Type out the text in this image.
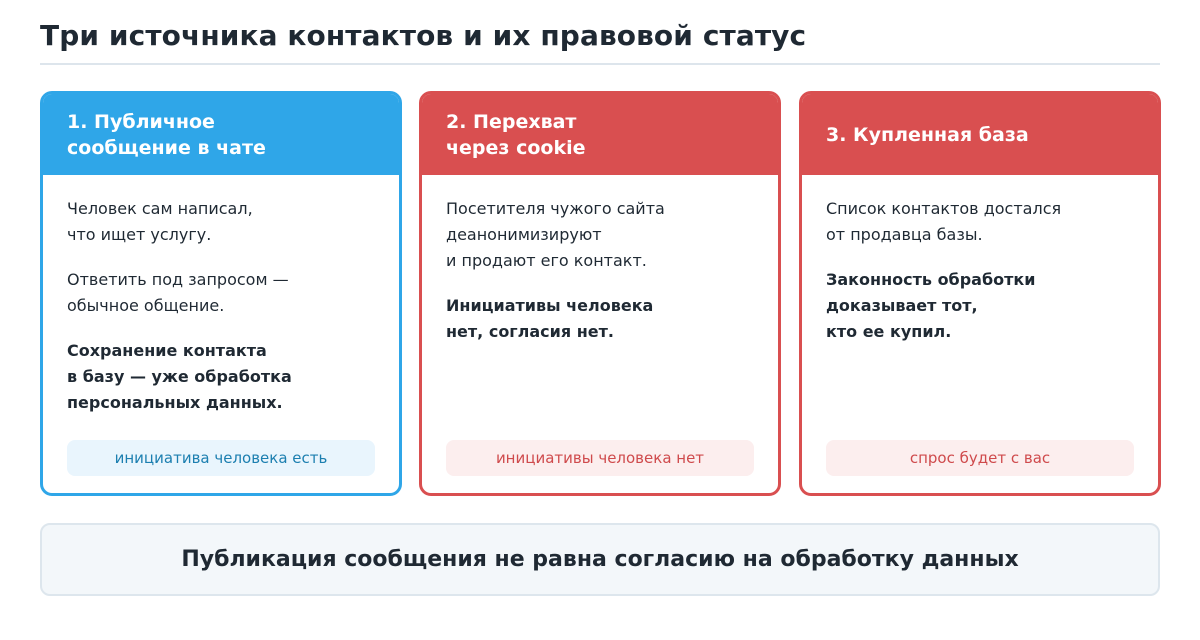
Три источника контактов и их правовой статус
1. Публичное
сообщение в чате

Человек сам написал,
что ищет услугу.

Ответить под запросом —
обычное общение.

Сохранение контакта
в базу — уже обработка
персональных данных.

инициатива человека есть
2. Перехват
через cookie

Посетителя чужого сайта
деанонимизируют
и продают его контакт.

Инициативы человека
нет, согласия нет.

инициативы человека нет
3. Купленная база

Список контактов достался
от продавца базы.

Законность обработки
доказывает тот,
кто ее купил.

спрос будет с вас

Публикация сообщения не равна согласию на обработку данных
